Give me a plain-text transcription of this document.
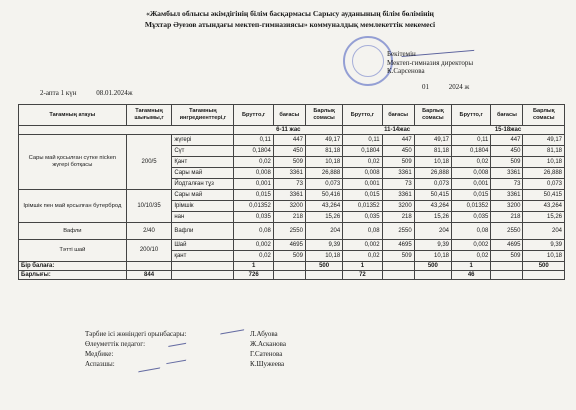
«Жамбыл облысы әкімдігінің білім басқармасы Сарысу ауданының білім бөлімінің
Мұхтар Әуезов атындағы мектеп-гимназиясы» коммуналдық мемлекеттік мекемесі
Бекітемін
Мектеп-гимназия директоры
К.Сарсенова
01	2024 ж
2-апта 1 күн	08.01.2024ж
Тағамның атауы	Тағамның шығымы,г	Тағамның ингредиенттері,г	Брутто,г	бағасы	Барлық сомасы	Брутто,г	бағасы	Барлық сомасы	Брутто,г	бағасы	Барлық сомасы
			6-11 жас			11-14жас			15-18жас		
Сары май қосылған сүтке пісken жүгері ботқасы	200/5	жүгері	0,11	447	49,17	0,11	447	49,17	0,11	447	49,17
		Сүт	0,1804	450	81,18	0,1804	450	81,18	0,1804	450	81,18
		Қант	0,02	509	10,18	0,02	509	10,18	0,02	509	10,18
		Сары май	0,008	3361	26,888	0,008	3361	26,888	0,008	3361	26,888
		Йодталған тұз	0,001	73	0,073	0,001	73	0,073	0,001	73	0,073
Ірімшік пен май қосылған бутерброд	10/10/35	Сары май	0,015	3361	50,416	0,015	3361	50,415	0,015	3361	50,415
		Ірімшік	0,01352	3200	43,264	0,01352	3200	43,264	0,01352	3200	43,264
		нан	0,035	218	15,26	0,035	218	15,26	0,035	218	15,26
Вафли	2/40	Вафли	0,08	2550	204	0,08	2550	204	0,08	2550	204
Тәтті шай	200/10	Шай	0,002	4695	9,39	0,002	4695	9,39	0,002	4695	9,39
		қант	0,02	509	10,18	0,02	509	10,18	0,02	509	10,18
Бір балаға:			1		500	1		500	1		500
Барлығы:	844		726			72			46		
Тәрбие ісі жөніндегі орынбасары:	Л.Абуова
Өлеуметтік педагог:	Ж.Асканова
Медбике:	Г.Сатенова
Аспазшы:	К.Шужеева
